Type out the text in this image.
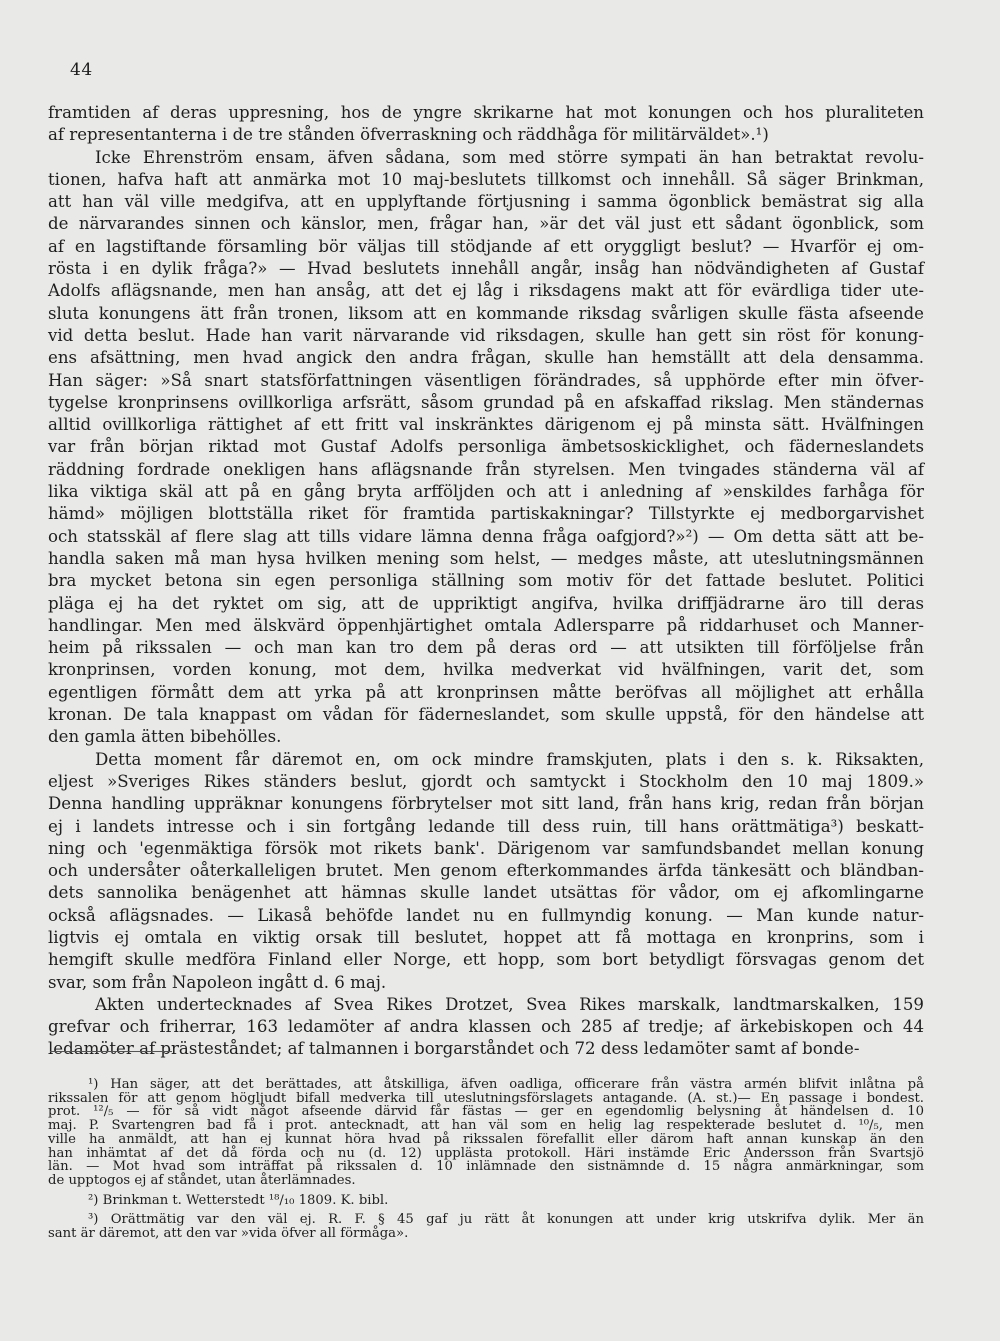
44

framtiden af deras uppresning, hos de yngre skrikarne hat mot konungen och hos pluraliteten
af representanterna i de tre stånden öfverraskning och räddhåga för militärväldet».¹)

Icke Ehrenström ensam, äfven sådana, som med större sympati än han betraktat revolu-
tionen, hafva haft att anmärka mot 10 maj-beslutets tillkomst och innehåll. Så säger Brinkman,
att han väl ville medgifva, att en upplyftande förtjusning i samma ögonblick bemästrat sig alla
de närvarandes sinnen och känslor, men, frågar han, »är det väl just ett sådant ögonblick, som
af en lagstiftande församling bör väljas till stödjande af ett oryggligt beslut? — Hvarför ej om-
rösta i en dylik fråga?» — Hvad beslutets innehåll angår, insåg han nödvändigheten af Gustaf
Adolfs aflägsnande, men han ansåg, att det ej låg i riksdagens makt att för evärdliga tider ute-
sluta konungens ätt från tronen, liksom att en kommande riksdag svårligen skulle fästa afseende
vid detta beslut. Hade han varit närvarande vid riksdagen, skulle han gett sin röst för konung-
ens afsättning, men hvad angick den andra frågan, skulle han hemställt att dela densamma.
Han säger: »Så snart statsförfattningen väsentligen förändrades, så upphörde efter min öfver-
tygelse kronprinsens ovillkorliga arfsrätt, såsom grundad på en afskaffad rikslag. Men ständernas
alltid ovillkorliga rättighet af ett fritt val inskränktes därigenom ej på minsta sätt. Hvälfningen
var från början riktad mot Gustaf Adolfs personliga ämbetsoskicklighet, och fäderneslandets
räddning fordrade onekligen hans aflägsnande från styrelsen. Men tvingades ständerna väl af
lika viktiga skäl att på en gång bryta arfföljden och att i anledning af »enskildes farhåga för
hämd» möjligen blottställa riket för framtida partiskakningar? Tillstyrkte ej medborgarvishet
och statsskäl af flere slag att tills vidare lämna denna fråga oafgjord?»²) — Om detta sätt att be-
handla saken må man hysa hvilken mening som helst, — medges måste, att uteslutningsmännen
bra mycket betona sin egen personliga ställning som motiv för det fattade beslutet. Politici
pläga ej ha det ryktet om sig, att de uppriktigt angifva, hvilka driffjädrarne äro till deras
handlingar. Men med älskvärd öppenhjärtighet omtala Adlersparre på riddarhuset och Manner-
heim på rikssalen — och man kan tro dem på deras ord — att utsikten till förföljelse från
kronprinsen, vorden konung, mot dem, hvilka medverkat vid hvälfningen, varit det, som
egentligen förmått dem att yrka på att kronprinsen måtte beröfvas all möjlighet att erhålla
kronan. De tala knappast om vådan för fäderneslandet, som skulle uppstå, för den händelse att
den gamla ätten bibehölles.

Detta moment får däremot en, om ock mindre framskjuten, plats i den s. k. Riksakten,
eljest »Sveriges Rikes ständers beslut, gjordt och samtyckt i Stockholm den 10 maj 1809.»
Denna handling uppräknar konungens förbrytelser mot sitt land, från hans krig, redan från början
ej i landets intresse och i sin fortgång ledande till dess ruin, till hans orättmätiga³) beskatt-
ning och 'egenmäktiga försök mot rikets bank'. Därigenom var samfundsbandet mellan konung
och undersåter oåterkalleligen brutet. Men genom efterkommandes ärfda tänkesätt och bländban-
dets sannolika benägenhet att hämnas skulle landet utsättas för vådor, om ej afkomlingarne
också aflägsnades. — Likaså behöfde landet nu en fullmyndig konung. — Man kunde natur-
ligtvis ej omtala en viktig orsak till beslutet, hoppet att få mottaga en kronprins, som i
hemgift skulle medföra Finland eller Norge, ett hopp, som bort betydligt försvagas genom det
svar, som från Napoleon ingått d. 6 maj.

Akten undertecknades af Svea Rikes Drotzet, Svea Rikes marskalk, landtmarskalken, 159
grefvar och friherrar, 163 ledamöter af andra klassen och 285 af tredje; af ärkebiskopen och 44
ledamöter af prästeståndet; af talmannen i borgarståndet och 72 dess ledamöter samt af bonde-

¹) Han säger, att det berättades, att åtskilliga, äfven oadliga, officerare från västra armén blifvit inlåtna på
rikssalen för att genom högljudt bifall medverka till uteslutningsförslagets antagande. (A. st.)— En passage i bondest.
prot. ¹²/₅ — för så vidt något afseende därvid får fästas — ger en egendomlig belysning åt händelsen d. 10
maj. P. Svartengren bad få i prot. antecknadt, att han väl som en helig lag respekterade beslutet d. ¹⁰/₅, men
ville ha anmäldt, att han ej kunnat höra hvad på rikssalen förefallit eller därom haft annan kunskap än den
han inhämtat af det då förda och nu (d. 12) upplästa protokoll. Häri instämde Eric Andersson från Svartsjö
län. — Mot hvad som inträffat på rikssalen d. 10 inlämnade den sistnämnde d. 15 några anmärkningar, som
de upptogos ej af ståndet, utan återlämnades.
²) Brinkman t. Wetterstedt ¹⁸/₁₀ 1809. K. bibl.
³) Orättmätig var den väl ej. R. F. § 45 gaf ju rätt åt konungen att under krig utskrifva dylik. Mer än
sant är däremot, att den var »vida öfver all förmåga».
